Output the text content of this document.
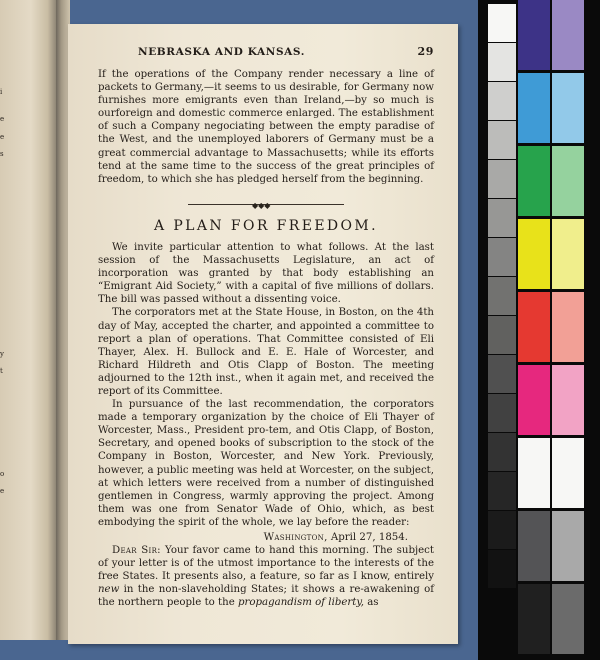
i
e
e
s
y
t
o
e
NEBRASKA AND KANSAS.	29

If the operations of the Company render necessary a line of packets to Germany,—it seems to us desirable, for Germany now furnishes more emigrants even than Ireland,—by so much is ourforeign and domestic commerce enlarged. The establishment of such a Company negociating between the empty paradise of the West, and the unemployed laborers of Germany must be a great commercial advantage to Massachusetts; while its efforts tend at the same time to the success of the great principles of freedom, to which she has pledged herself from the beginning.

◆◆◆
A PLAN FOR FREEDOM.

We invite particular attention to what follows. At the last session of the Massachusetts Legislature, an act of incorporation was granted by that body establishing an “Emigrant Aid Society,” with a capital of five millions of dollars. The bill was passed without a dissenting voice.

The corporators met at the State House, in Boston, on the 4th day of May, accepted the charter, and appointed a committee to report a plan of operations. That Committee consisted of Eli Thayer, Alex. H. Bullock and E. E. Hale of Worcester, and Richard Hildreth and Otis Clapp of Boston. The meeting adjourned to the 12th inst., when it again met, and received the report of its Committee.

In pursuance of the last recommendation, the corporators made a temporary organization by the choice of Eli Thayer of Worcester, Mass., President pro-tem, and Otis Clapp, of Boston, Secretary, and opened books of subscription to the stock of the Company in Boston, Worcester, and New York. Previously, however, a public meeting was held at Worcester, on the subject, at which letters were received from a number of distinguished gentlemen in Congress, warmly approving the project. Among them was one from Senator Wade of Ohio, which, as best embodying the spirit of the whole, we lay before the reader:

Washington, April 27, 1854.

Dear Sir: Your favor came to hand this morning. The subject of your letter is of the utmost importance to the interests of the free States. It presents also, a feature, so far as I know, entirely new in the non-slaveholding States; it shows a re-awakening of the northern people to the propagandism of liberty, as
